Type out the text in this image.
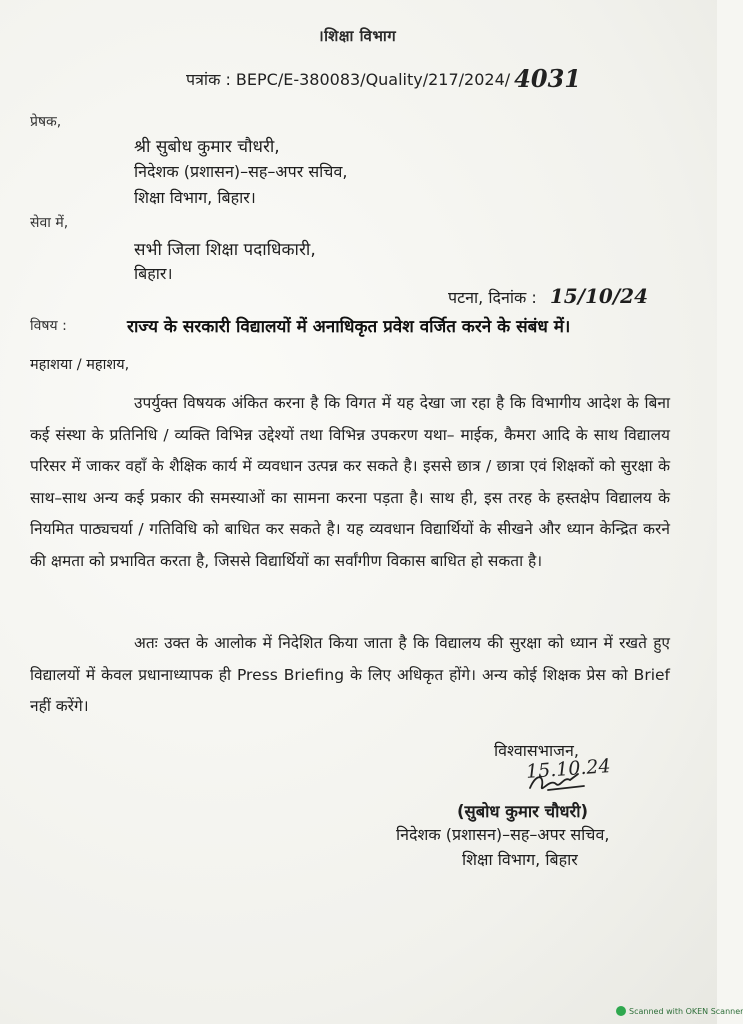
।शिक्षा विभाग
पत्रांक : BEPC/E-380083/Quality/217/2024/ 4031
प्रेषक,
श्री सुबोध कुमार चौधरी,
निदेशक (प्रशासन)–सह–अपर सचिव,
शिक्षा विभाग, बिहार।
सेवा में,
सभी जिला शिक्षा पदाधिकारी,
बिहार।
पटना, दिनांक : 15/10/24
विषय :	राज्य के सरकारी विद्यालयों में अनाधिकृत प्रवेश वर्जित करने के संबंध में।
महाशया / महाशय,
उपर्युक्त विषयक अंकित करना है कि विगत में यह देखा जा रहा है कि विभागीय आदेश के बिना कई संस्था के प्रतिनिधि / व्यक्ति विभिन्न उद्देश्यों तथा विभिन्न उपकरण यथा– माईक, कैमरा आदि के साथ विद्यालय परिसर में जाकर वहाँ के शैक्षिक कार्य में व्यवधान उत्पन्न कर सकते है। इससे छात्र / छात्रा एवं शिक्षकों को सुरक्षा के साथ–साथ अन्य कई प्रकार की समस्याओं का सामना करना पड़ता है। साथ ही, इस तरह के हस्तक्षेप विद्यालय के नियमित पाठ्यचर्या / गतिविधि को बाधित कर सकते है। यह व्यवधान विद्यार्थियों के सीखने और ध्यान केन्द्रित करने की क्षमता को प्रभावित करता है, जिससे विद्यार्थियों का सर्वांगीण विकास बाधित हो सकता है।
अतः उक्त के आलोक में निदेशित किया जाता है कि विद्यालय की सुरक्षा को ध्यान में रखते हुए विद्यालयों में केवल प्रधानाध्यापक ही Press Briefing के लिए अधिकृत होंगे। अन्य कोई शिक्षक प्रेस को Brief नहीं करेंगे।
विश्वासभाजन,
15.10.24
(सुबोध कुमार चौधरी)
निदेशक (प्रशासन)–सह–अपर सचिव,
शिक्षा विभाग, बिहार
Scanned with OKEN Scanner
